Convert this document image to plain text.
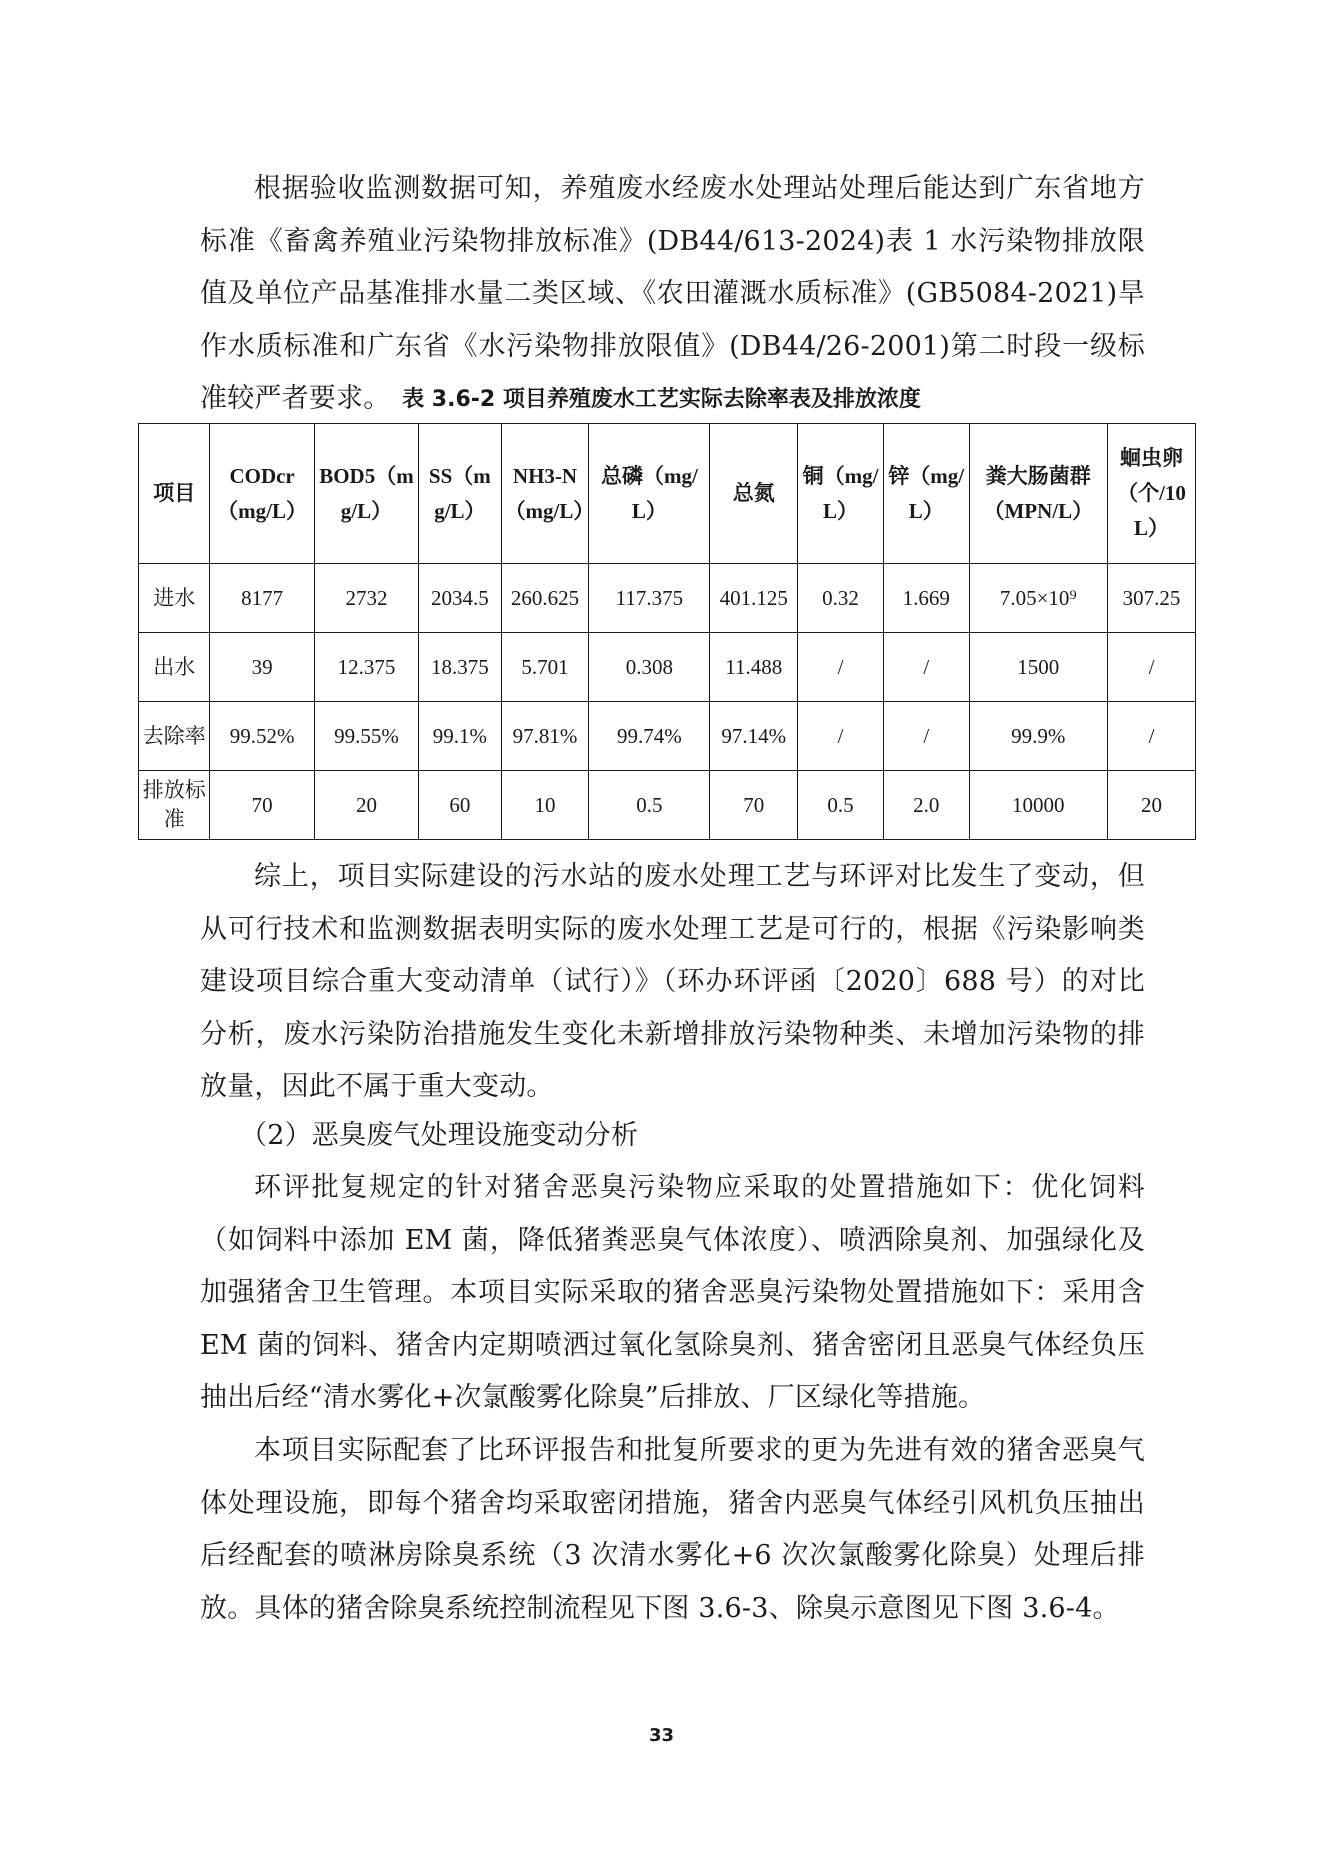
根据验收监测数据可知，养殖废水经废水处理站处理后能达到广东省地方标准《畜禽养殖业污染物排放标准》(DB44/613-2024)表 1 水污染物排放限值及单位产品基准排水量二类区域、《农田灌溉水质标准》(GB5084-2021)旱作水质标准和广东省《水污染物排放限值》(DB44/26-2001)第二时段一级标准较严者要求。 表 3.6-2 项目养殖废水工艺实际去除率表及排放浓度
项目	CODcr（mg/L）	BOD5（mg/L）	SS（mg/L）	NH3-N（mg/L）	总磷（mg/L）	总氮	铜（mg/L）	锌（mg/L）	粪大肠菌群（MPN/L）	蛔虫卵（个/10L）
进水	8177	2732	2034.5	260.625	117.375	401.125	0.32	1.669	7.05×10⁹	307.25
出水	39	12.375	18.375	5.701	0.308	11.488	/	/	1500	/
去除率	99.52%	99.55%	99.1%	97.81%	99.74%	97.14%	/	/	99.9%	/
排放标准	70	20	60	10	0.5	70	0.5	2.0	10000	20
综上，项目实际建设的污水站的废水处理工艺与环评对比发生了变动，但从可行技术和监测数据表明实际的废水处理工艺是可行的，根据《污染影响类建设项目综合重大变动清单（试行）》（环办环评函〔2020〕688 号）的对比分析，废水污染防治措施发生变化未新增排放污染物种类、未增加污染物的排放量，因此不属于重大变动。
（2）恶臭废气处理设施变动分析
环评批复规定的针对猪舍恶臭污染物应采取的处置措施如下：优化饲料（如饲料中添加 EM 菌，降低猪粪恶臭气体浓度）、喷洒除臭剂、加强绿化及加强猪舍卫生管理。本项目实际采取的猪舍恶臭污染物处置措施如下：采用含 EM 菌的饲料、猪舍内定期喷洒过氧化氢除臭剂、猪舍密闭且恶臭气体经负压抽出后经“清水雾化+次氯酸雾化除臭”后排放、厂区绿化等措施。
本项目实际配套了比环评报告和批复所要求的更为先进有效的猪舍恶臭气体处理设施，即每个猪舍均采取密闭措施，猪舍内恶臭气体经引风机负压抽出后经配套的喷淋房除臭系统（3 次清水雾化+6 次次氯酸雾化除臭）处理后排放。具体的猪舍除臭系统控制流程见下图 3.6-3、除臭示意图见下图 3.6-4。
33
